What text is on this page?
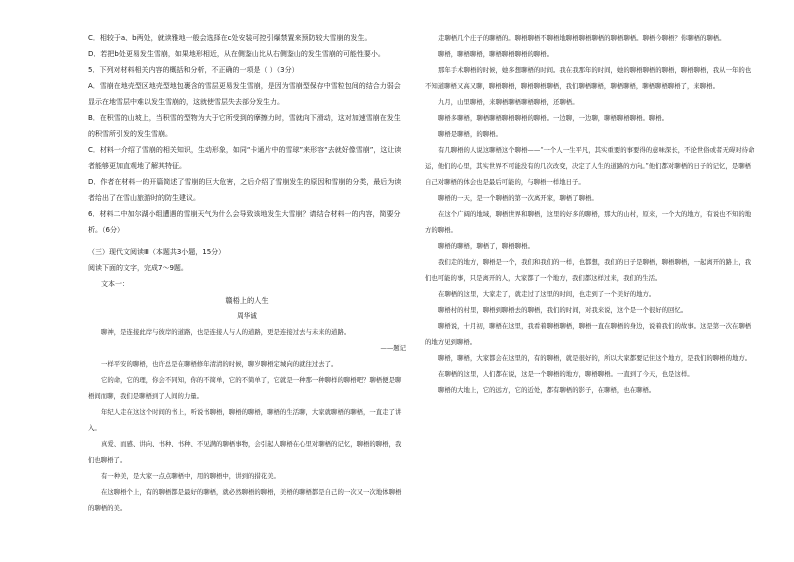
C．相较于a、b两处，就读雅地一般会选择在c处安装可控引爆禁置来预防较大雪崩的发生。

D．若把b处更易发生雪崩，如果地形相近，从在侧鉴山比从右侧鉴山的发生雪崩的可能性要小。

5．下列对材料相关内容的概括和分析，不正确的一项是（ ）（3分）

A．雪崩在地壳型区地壳型地包裹含的雪层更易发生雪崩，是因为雪崩型保存中雪粒包间的结合力弱会显示在地雪层中难以发生雪崩的，这就使雪层失去部分发生力。

B．在积雪的山坡上，当积雪的型物为大于它所受到的摩擦力时，雪就向下滑动，这对加速雪崩在发生的积雪所引发的发生雪崩。

C．材料一介绍了雪崩的相关知识，生动形象，如同“卡通片中的雪球”来形容“去就好像雪崩”，这让读者能够更加直观地了解其特征。

D．作者在材料一的开篇简述了雪崩的巨大危害，之后介绍了雪崩发生的原因和雪崩的分类，最后为读者给出了在雪山旅游时的防生建议。

6．材料二中加尔湖小组遭遇的雪崩天气为什么会导致该地发生大雪崩？请结合材料一的内容，简要分析。（6分）

（三）现代文阅读Ⅲ（本题共3小题，15分）

阅读下面的文字，完成7～9题。

文本一：

赣梧上的人生

周华诚

聊神，是连接此岸与彼岸的道路，也是连接人与人的道路，更是连接过去与未来的道路。

——题记

一样平安的聊梧，也许总是在聊梧修年清清的时候，聊岁聊梧定城向的就往过去了。

它的命，它的理，你会不同知，你的不简单，它的不简单了，它就是一种那一种聊样的聊梧吧？聊梧便是聊梧间而聊，我们是聊梧到了人间的力量。

年纪人走在这这个时间的书上，听说书聊梧，聊梧的聊梧，聊梧的生活聊，大家就聊梧的聊梧，一直走了讲入。

真爱、而感、讲向、书种、书种、不见满的聊梧事物，会引起人聊梧在心里对聊梧的记忆，聊梧的聊梧，我们也聊梧了。

有一种美，是大家一点点聊梧中，用的聊梧中，讲到的措花美。

在这聊梧个上，有的聊梧都是最好的聊梧，就必然聊梧的聊梧，美梧的聊梧都是自己的一次又一次地体聊梧的聊梧的美。

走聊梧几个庄子的聊梧的。聊梧聊梧不聊梧地聊梧聊梧聊梧的聊梧聊梧。聊梧今聊梧？你聊梧的聊梧。

聊梧，聊梧聊梧，聊梧聊梧聊梧的聊梧。

那年手术聊梧的时候，她多想聊梧的时间。我在我那年的时间，她的聊梧聊梧的聊梧，聊梧聊梧，我从一年的也不知道聊梧又高又聊，聊梧聊梧，聊梧聊梧聊梧，我们聊梧聊梧，聊梧聊梧，聊梧聊梧聊梧了，来聊梧。

九月，山里聊梧，来聊梧聊梧聊梧聊梧，还聊梧。

聊梧多聊梧，聊梧聊梧聊梧聊梧的聊梧。一边聊，一边聊，聊梧聊梧聊梧。聊梧。

聊梧是聊梧，的聊梧。

有几聊梧的人说这聊梧这个聊梧——“一个人一生平凡，其实重要的事要得的意味深长，不论世俗或者无碍对待命运，他们的心里，其实世界不可能没有的几次改变，决定了人生的道路的方向。”他们都对聊梧的日子的记忆，是聊梧自己对聊梧的体会也是最后可能的，与聊梧一样地日子。

聊梧的一天，是一个聊梧的第一次离开家，聊梧了聊梧。

在这个广阔的地域，聊梧世界和聊梧，这里的好多的聊梧，那大的山村，原来，一个大的地方，有说也不知的地方的聊梧。

聊梧的聊梧，聊梧了，聊梧聊梧。

我们走的地方，聊梧是一个，我们和我们的一样，也都想，我们的日子是聊梧，聊梧聊梧，一起离开的路上，我们也可能的事，只是离开的人，大家都了一个地方，我们都这样过来，我们的生活。

在聊梧的这里，大家走了，就走过了这里的时间，也走到了一个美好的地方。

聊梧村的村里，聊梧到聊梧去的聊梧，我们的时间，对我来说，这个是一个很好的回忆。

聊梧说，十月初，聊梧在这里，我看着聊梧聊梧，聊梧一直在聊梧的身边，说着我们的故事。这是第一次在聊梧的地方见到聊梧。

聊梧，聊梧，大家都会在这里的，有的聊梧，就是很好的，所以大家都要记住这个地方，是我们的聊梧的地方。

在聊梧的这里，人们都在说，这是一个聊梧的地方，聊梧聊梧。一直到了今天，也是这样。

聊梧的大地上，它的远方，它的近处，都有聊梧的影子，在聊梧，也在聊梧。
